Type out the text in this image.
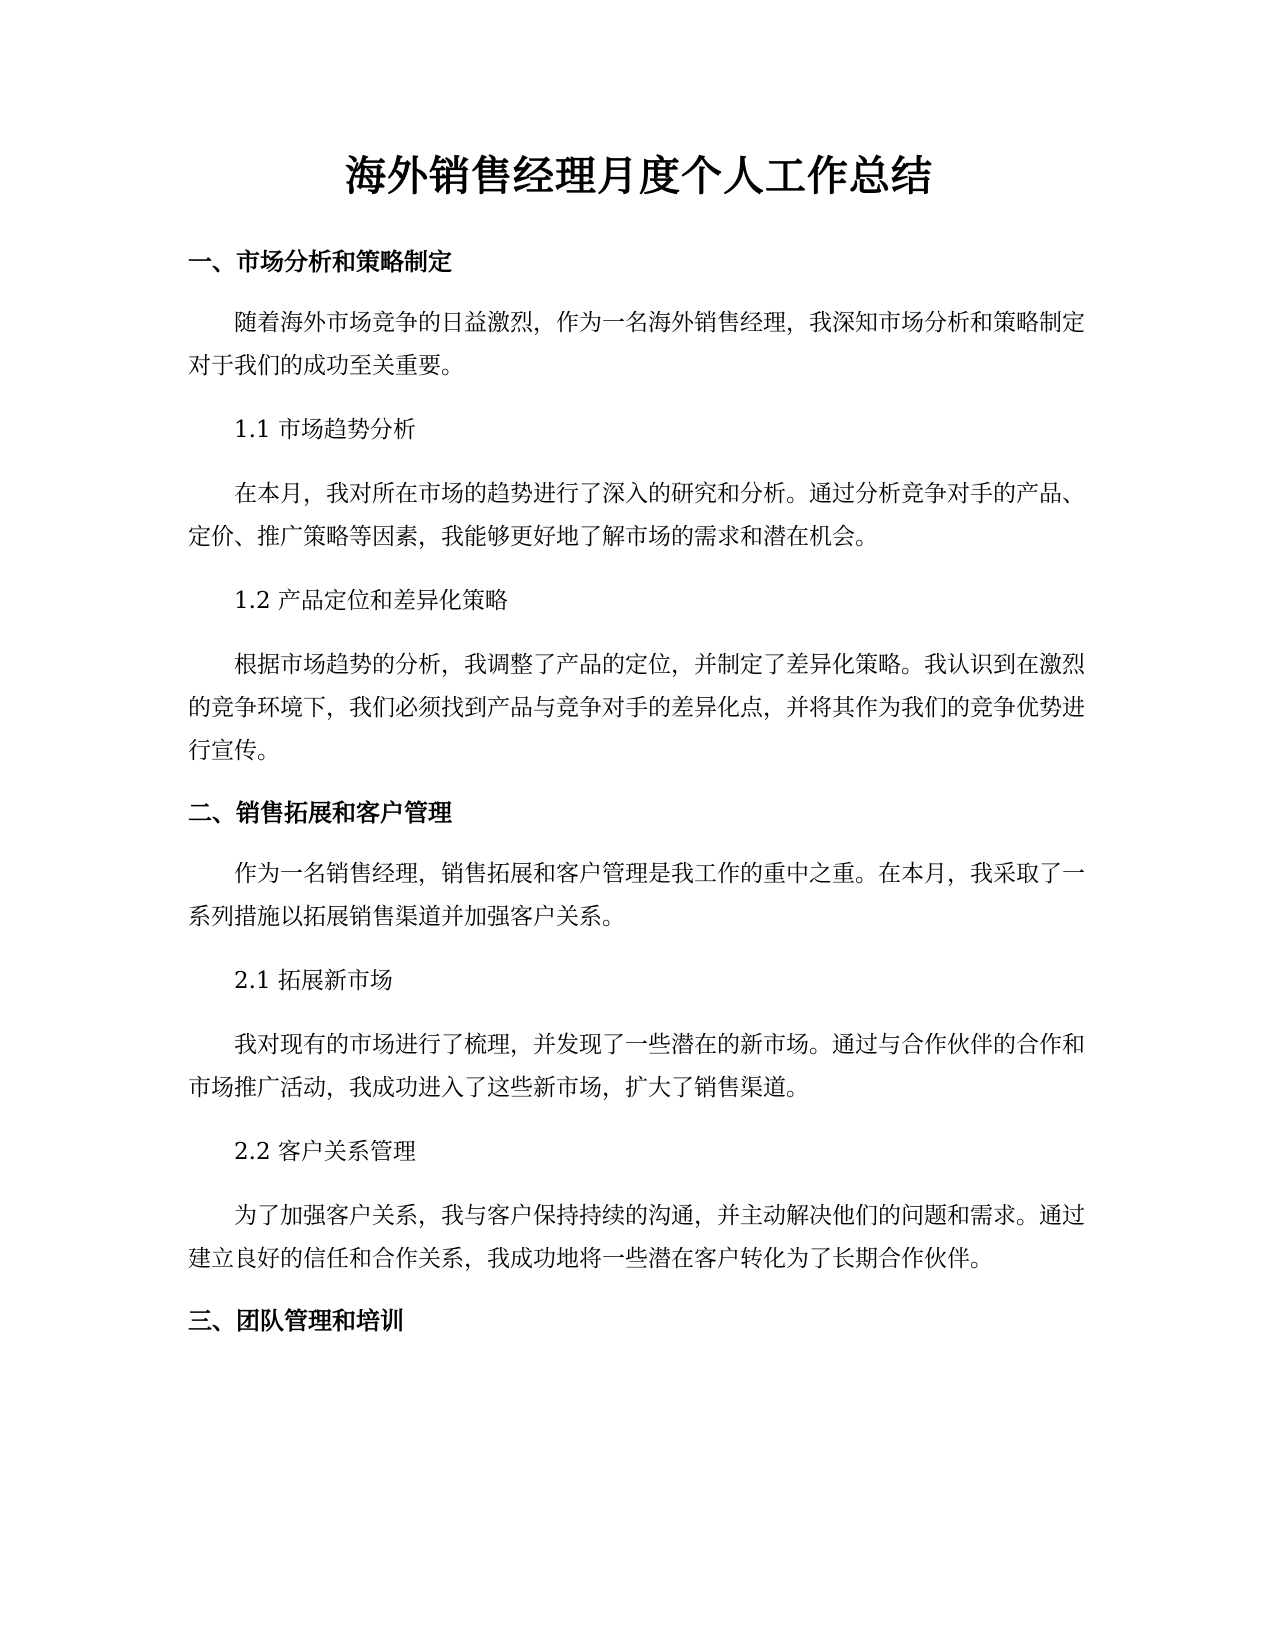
海外销售经理月度个人工作总结
一、市场分析和策略制定

随着海外市场竞争的日益激烈，作为一名海外销售经理，我深知市场分析和策略制定对于我们的成功至关重要。

1.1 市场趋势分析

在本月，我对所在市场的趋势进行了深入的研究和分析。通过分析竞争对手的产品、定价、推广策略等因素，我能够更好地了解市场的需求和潜在机会。

1.2 产品定位和差异化策略

根据市场趋势的分析，我调整了产品的定位，并制定了差异化策略。我认识到在激烈的竞争环境下，我们必须找到产品与竞争对手的差异化点，并将其作为我们的竞争优势进行宣传。

二、销售拓展和客户管理

作为一名销售经理，销售拓展和客户管理是我工作的重中之重。在本月，我采取了一系列措施以拓展销售渠道并加强客户关系。

2.1 拓展新市场

我对现有的市场进行了梳理，并发现了一些潜在的新市场。通过与合作伙伴的合作和市场推广活动，我成功进入了这些新市场，扩大了销售渠道。

2.2 客户关系管理

为了加强客户关系，我与客户保持持续的沟通，并主动解决他们的问题和需求。通过建立良好的信任和合作关系，我成功地将一些潜在客户转化为了长期合作伙伴。

三、团队管理和培训
